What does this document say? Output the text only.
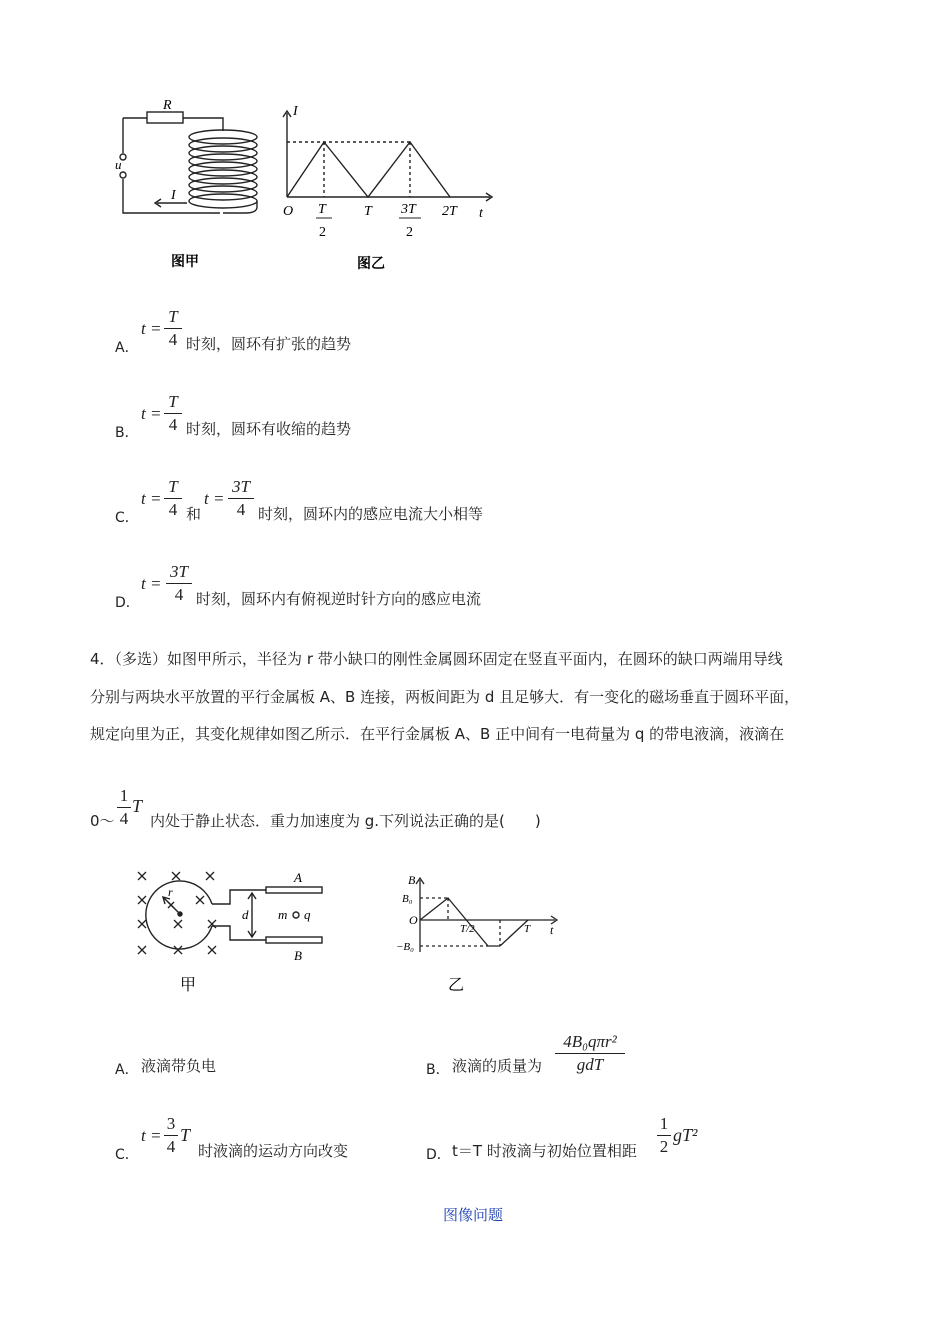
R
u
I
I
t
O T
2
T 3T
2
2T
图甲	图乙
A．
t =
T
4 时刻，圆环有扩张的趋势
B．
t =
T
4 时刻，圆环有收缩的趋势
C．
t =
T
4 和
t =
3T
4 时刻，圆环内的感应电流大小相等
D．
t =
3T
4 时刻，圆环内有俯视逆时针方向的感应电流
4．（多选）如图甲所示，半径为 r 带小缺口的刚性金属圆环固定在竖直平面内，在圆环的缺口两端用导线
分别与两块水平放置的平行金属板 A、B 连接，两板间距为 d 且足够大．有一变化的磁场垂直于圆环平面，
规定向里为正，其变化规律如图乙所示．在平行金属板 A、B 正中间有一电荷量为 q 的带电液滴，液滴在
0～
1
4
T
内处于静止状态．重力加速度为 g.下列说法正确的是(　　)
A
B
d
r
m q
B
t
O
B₀
−B₀
T/2	T
甲	乙
A． 液滴带负电	B． 液滴的质量为
4B₀qπr²
gdT
C．
t =
3
4
T
时液滴的运动方向改变	D． t＝T 时液滴与初始位置相距
1
2
gT²
图像问题
